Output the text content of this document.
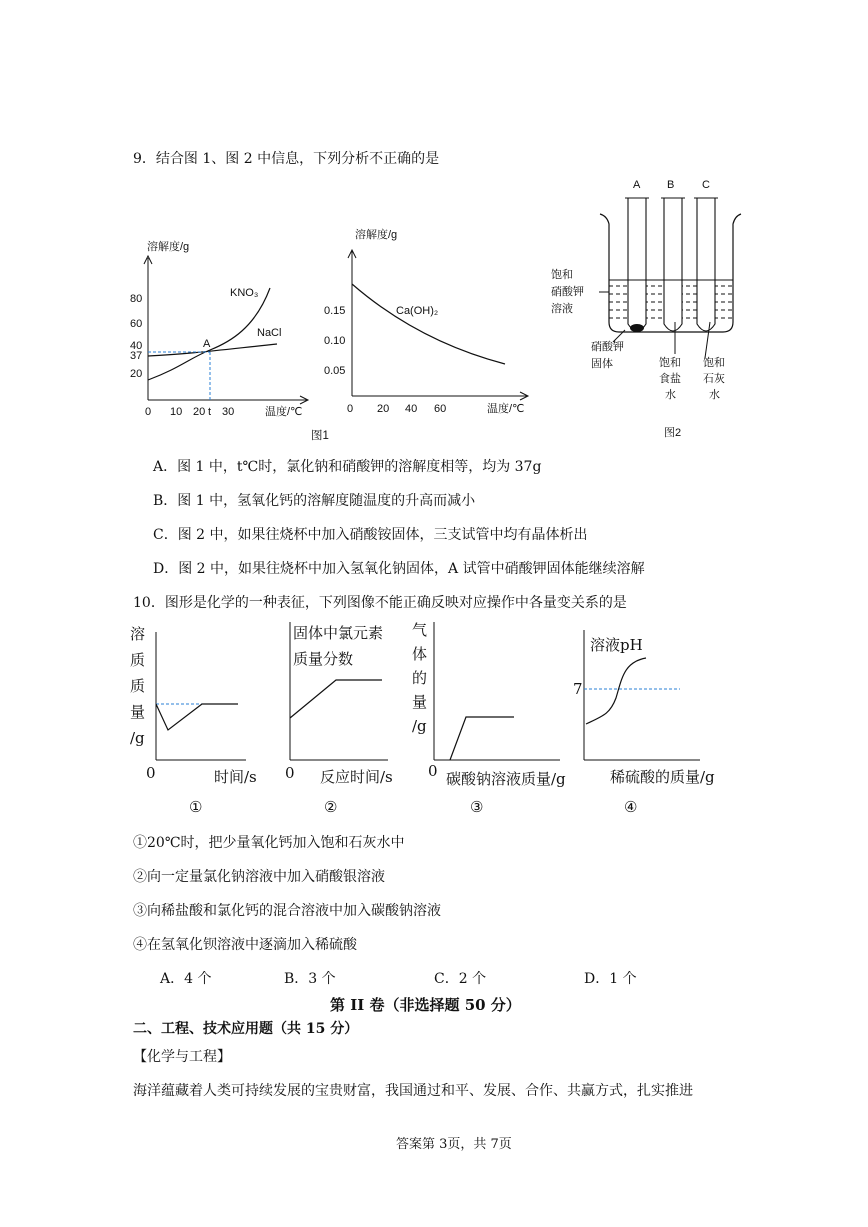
9．结合图 1、图 2 中信息，下列分析不正确的是
溶解度/g
温度/℃
80
60
40
37
20
0 10 20 t 30
KNO₃
NaCl
A
溶解度/g
温度/℃
0.15
0.10
0.05
0 20 40 60
Ca(OH)₂
图1
A B	C
饱和
硝酸钾
溶液
硝酸钾
固体	饱和
食盐
水
饱和
石灰
水
图2
A．图 1 中，t℃时，氯化钠和硝酸钾的溶解度相等，均为 37g
B．图 1 中，氢氧化钙的溶解度随温度的升高而减小
C．图 2 中，如果往烧杯中加入硝酸铵固体，三支试管中均有晶体析出
D．图 2 中，如果往烧杯中加入氢氧化钠固体，A 试管中硝酸钾固体能继续溶解
10．图形是化学的一种表征，下列图像不能正确反映对应操作中各量变关系的是
溶
质
质
量
/g
0	时间/s
①
固体中氯元素
质量分数
0 反应时间/s
②
气
体
的
量
/g
0 碳酸钠溶液质量/g
③
溶液pH
7
稀硫酸的质量/g
④
①20℃时，把少量氧化钙加入饱和石灰水中
②向一定量氯化钠溶液中加入硝酸银溶液
③向稀盐酸和氯化钙的混合溶液中加入碳酸钠溶液
④在氢氧化钡溶液中逐滴加入稀硫酸
A．4 个	B．3 个	C．2 个	D．1 个
第 II 卷（非选择题 50 分）
二、工程、技术应用题（共 15 分）
【化学与工程】
海洋蕴藏着人类可持续发展的宝贵财富，我国通过和平、发展、合作、共赢方式，扎实推进
答案第 3页，共 7页
